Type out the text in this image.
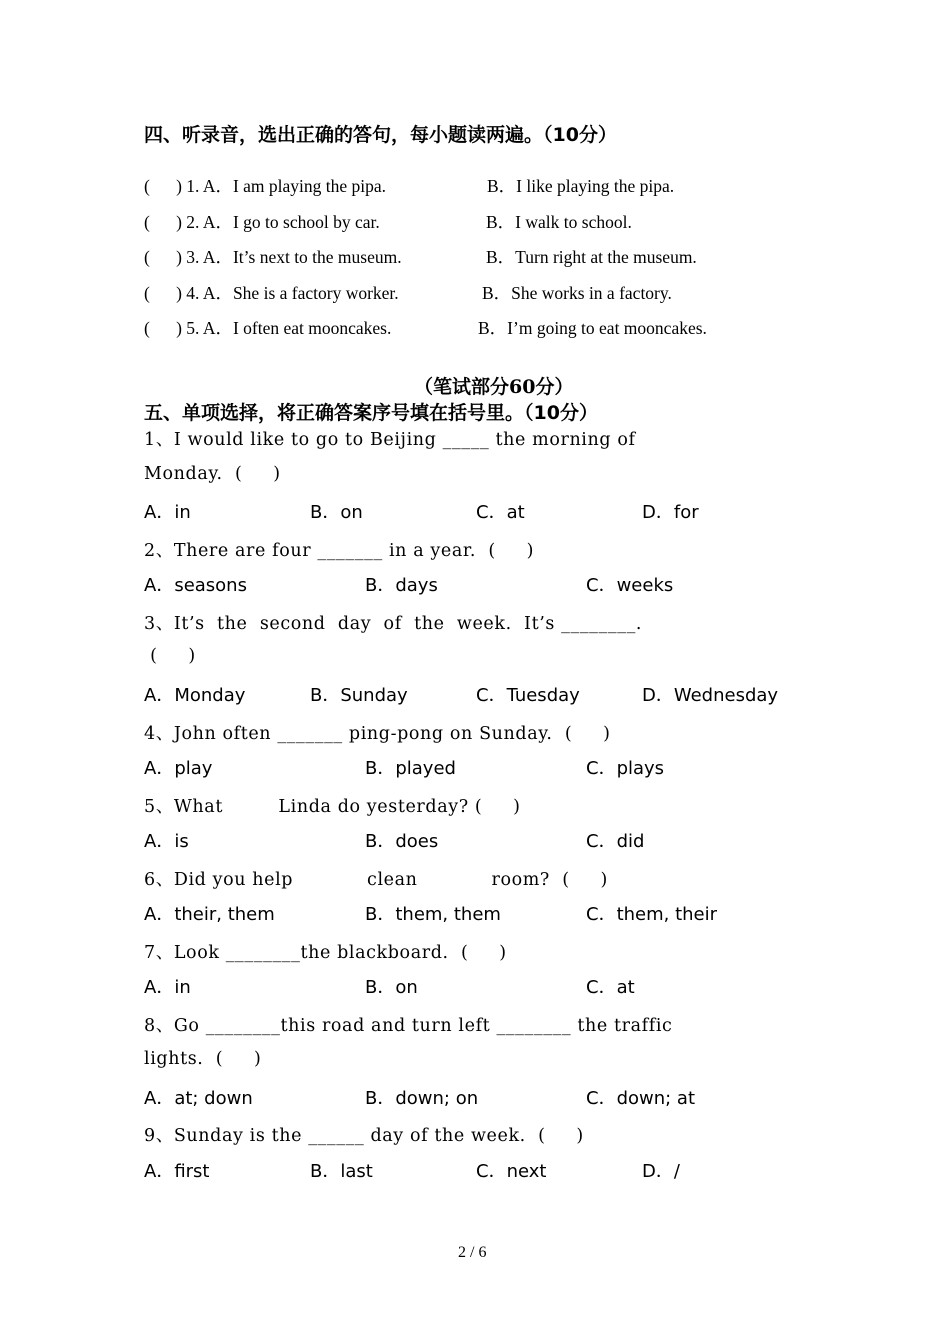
四、听录音，选出正确的答句，每小题读两遍。（10分）
(      ) 1. A．I am playing the pipa.	B．I like playing the pipa.
(      ) 2. A．I go to school by car.	B．I walk to school.
(      ) 3. A．It’s next to the museum.	B．Turn right at the museum.
(      ) 4. A．She is a factory worker.	B．She works in a factory.
(      ) 5. A．I often eat mooncakes.	B．I’m going to eat mooncakes.
（笔试部分60分）
五、单项选择，将正确答案序号填在括号里。（10分）
1、I would like to go to Beijing _____ the morning of
Monday.  (     )
A．in	B．on	C．at	D．for
2、There are four _______ in a year.  (     )
A．seasons	B．days	C．weeks
3、It’s  the  second  day  of  the  week.  It’s ________.
(     )
A．Monday	B．Sunday	C．Tuesday	D．Wednesday
4、John often _______ ping-pong on Sunday.  (     )
A．play	B．played	C．plays
5、What         Linda do yesterday? (     )
A．is	B．does	C．did
6、Did you help            clean            room?  (     )
A．their, them	B．them, them	C．them, their
7、Look ________the blackboard.  (     )
A．in	B．on	C．at
8、Go ________this road and turn left ________ the traffic
lights.  (     )
A．at; down	B．down; on	C．down; at
9、Sunday is the ______ day of the week.  (     )
A．first	B．last	C．next	D．/
2 / 6
